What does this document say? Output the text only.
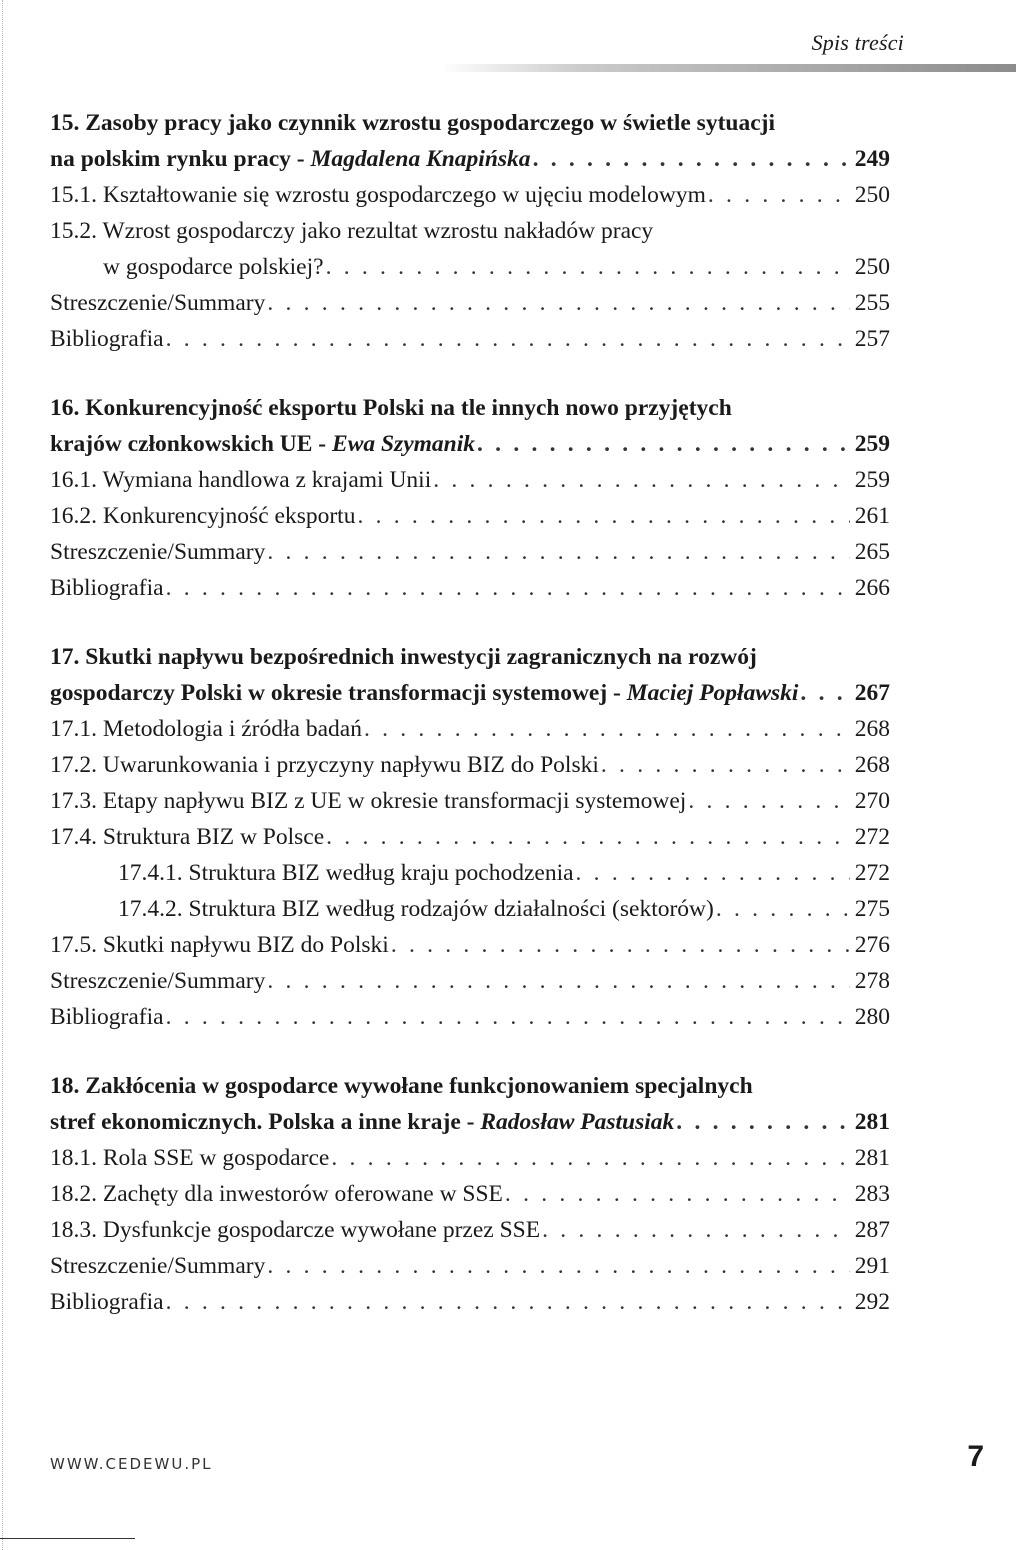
Spis treści
15. Zasoby pracy jako czynnik wzrostu gospodarczego w świetle sytuacji
na polskim rynku pracy - Magdalena Knapińska . . .	249
15.1. Kształtowanie się wzrostu gospodarczego w ujęciu modelowym . . .	250
15.2. Wzrost gospodarczy jako rezultat wzrostu nakładów pracy
w gospodarce polskiej? . . .	250
Streszczenie/Summary . . .	255
Bibliografia . . .	257
16. Konkurencyjność eksportu Polski na tle innych nowo przyjętych
krajów członkowskich UE - Ewa Szymanik . . .	259
16.1. Wymiana handlowa z krajami Unii . . .	259
16.2. Konkurencyjność eksportu . . .	261
Streszczenie/Summary . . .	265
Bibliografia . . .	266
17. Skutki napływu bezpośrednich inwestycji zagranicznych na rozwój
gospodarczy Polski w okresie transformacji systemowej - Maciej Popławski . . . 267
17.1. Metodologia i źródła badań . . .	268
17.2. Uwarunkowania i przyczyny napływu BIZ do Polski . . .	268
17.3. Etapy napływu BIZ z UE w okresie transformacji systemowej . . .	270
17.4. Struktura BIZ w Polsce . . .	272
17.4.1. Struktura BIZ według kraju pochodzenia . . .	272
17.4.2. Struktura BIZ według rodzajów działalności (sektorów) . . .	275
17.5. Skutki napływu BIZ do Polski . . .	276
Streszczenie/Summary . . .	278
Bibliografia . . .	280
18. Zakłócenia w gospodarce wywołane funkcjonowaniem specjalnych
stref ekonomicznych. Polska a inne kraje - Radosław Pastusiak . . .	281
18.1. Rola SSE w gospodarce . . .	281
18.2. Zachęty dla inwestorów oferowane w SSE . . .	283
18.3. Dysfunkcje gospodarcze wywołane przez SSE . . .	287
Streszczenie/Summary . . .	291
Bibliografia . . .	292
WWW.CEDEWU.PL	7
